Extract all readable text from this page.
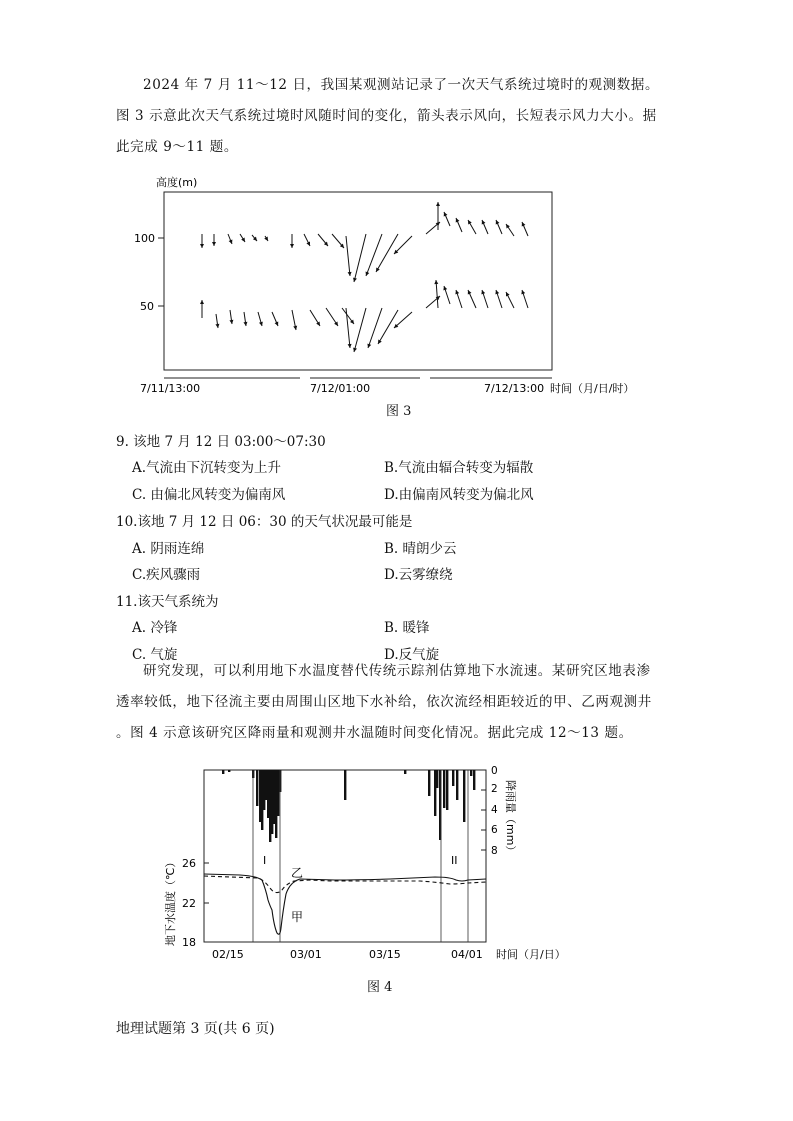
2024 年 7 月 11～12 日，我国某观测站记录了一次天气系统过境时的观测数据。
图 3 示意此次天气系统过境时风随时间的变化，箭头表示风向，长短表示风力大小。据
此完成 9～11 题。
高度(m)
100
50
7/11/13:00	7/12/01:00	7/12/13:00 时间（月/日/时）
图 3
9. 该地 7 月 12 日 03:00～07:30
A.气流由下沉转变为上升	B.气流由辐合转变为辐散
C. 由偏北风转变为偏南风	D.由偏南风转变为偏北风
10.该地 7 月 12 日 06：30 的天气状况最可能是
A. 阴雨连绵	B. 晴朗少云
C.疾风骤雨	D.云雾缭绕
11.该天气系统为
A. 冷锋	B. 暖锋
C. 气旋	D.反气旋
研究发现，可以利用地下水温度替代传统示踪剂估算地下水流速。某研究区地表渗
透率较低，地下径流主要由周围山区地下水补给，依次流经相距较近的甲、乙两观测井
。图 4 示意该研究区降雨量和观测井水温随时间变化情况。据此完成 12～13 题。
26
22
18
地下水温度（℃）
0
2
4
6
8 降雨量（mm）
I	II
乙
甲
02/15	03/01	03/15	04/01 时间（月/日）
图 4
地理试题第 3 页(共 6 页)
